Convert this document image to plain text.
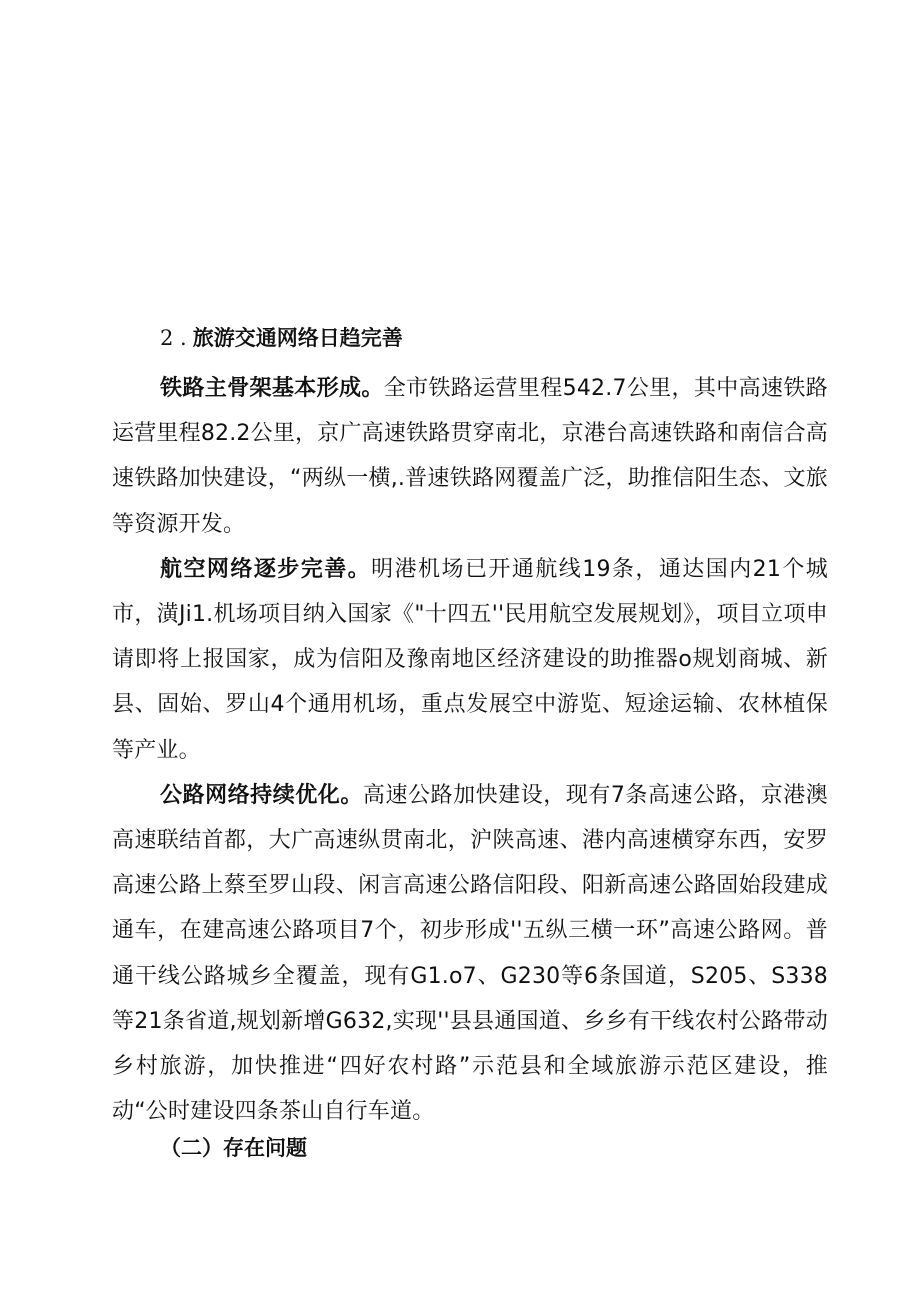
2 . 旅游交通网络日趋完善

铁路主骨架基本形成。全市铁路运营里程542.7公里，其中高速铁路运营里程82.2公里，京广高速铁路贯穿南北，京港台高速铁路和南信合高速铁路加快建设，“两纵一横,.普速铁路网覆盖广泛，助推信阳生态、文旅等资源开发。

航空网络逐步完善。明港机场已开通航线19条，通达国内21个城市，潢Ji1.机场项目纳入国家《"十四五''民用航空发展规划》，项目立项申请即将上报国家，成为信阳及豫南地区经济建设的助推器o规划商城、新县、固始、罗山4个通用机场，重点发展空中游览、短途运输、农林植保等产业。

公路网络持续优化。高速公路加快建设，现有7条高速公路，京港澳高速联结首都，大广高速纵贯南北，沪陕高速、港内高速横穿东西，安罗高速公路上蔡至罗山段、闲言高速公路信阳段、阳新高速公路固始段建成通车，在建高速公路项目7个，初步形成''五纵三横一环”高速公路网。普通干线公路城乡全覆盖，现有G1.o7、G230等6条国道，S205、S338等21条省道,规划新增G632,实现''县县通国道、乡乡有干线农村公路带动乡村旅游，加快推进“四好农村路”示范县和全域旅游示范区建设，推动“公时建设四条茶山自行车道。

（二）存在问题
